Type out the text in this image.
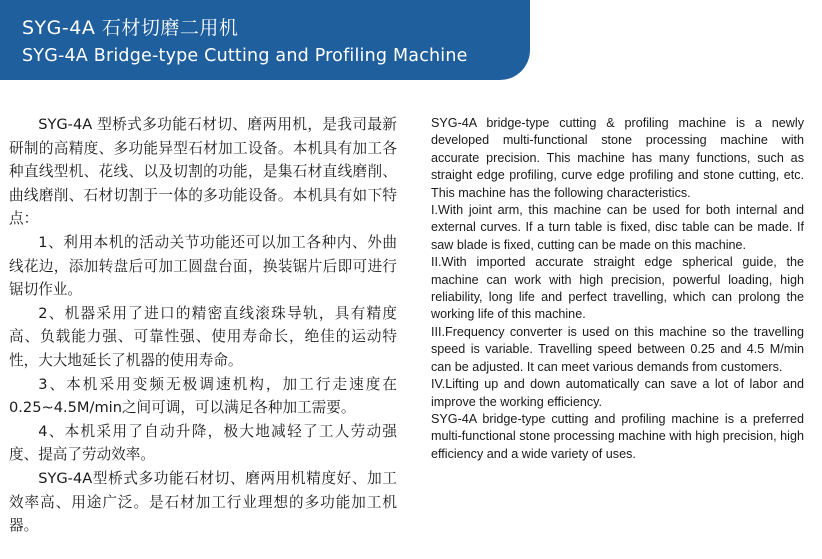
SYG-4A 石材切磨二用机
SYG-4A Bridge-type Cutting and Profiling Machine

SYG-4A 型桥式多功能石材切、磨两用机，是我司最新研制的高精度、多功能异型石材加工设备。本机具有加工各种直线型机、花线、以及切割的功能，是集石材直线磨削、曲线磨削、石材切割于一体的多功能设备。本机具有如下特点：

1、利用本机的活动关节功能还可以加工各种内、外曲线花边，添加转盘后可加工圆盘台面，换装锯片后即可进行锯切作业。

2、机器采用了进口的精密直线滚珠导轨，具有精度高、负载能力强、可靠性强、使用寿命长，绝佳的运动特性，大大地延长了机器的使用寿命。

3、本机采用变频无极调速机构，加工行走速度在0.25~4.5M/min之间可调，可以满足各种加工需要。

4、本机采用了自动升降，极大地减轻了工人劳动强度、提高了劳动效率。

SYG-4A型桥式多功能石材切、磨两用机精度好、加工效率高、用途广泛。是石材加工行业理想的多功能加工机器。

SYG-4A bridge-type cutting & profiling machine is a newly developed multi-functional stone processing machine with accurate precision. This machine has many functions, such as straight edge profiling, curve edge profiling and stone cutting, etc. This machine has the following characteristics.

I.With joint arm, this machine can be used for both internal and external curves. If a turn table is fixed, disc table can be made. If saw blade is fixed, cutting can be made on this machine.

II.With imported accurate straight edge spherical guide, the machine can work with high precision, powerful loading, high reliability, long life and perfect travelling, which can prolong the working life of this machine.

III.Frequency converter is used on this machine so the travelling speed is variable. Travelling speed between 0.25 and 4.5 M/min can be adjusted. It can meet various demands from customers.

IV.Lifting up and down automatically can save a lot of labor and improve the working efficiency.

SYG-4A bridge-type cutting and profiling machine is a preferred multi-functional stone processing machine with high precision, high efficiency and a wide variety of uses.
